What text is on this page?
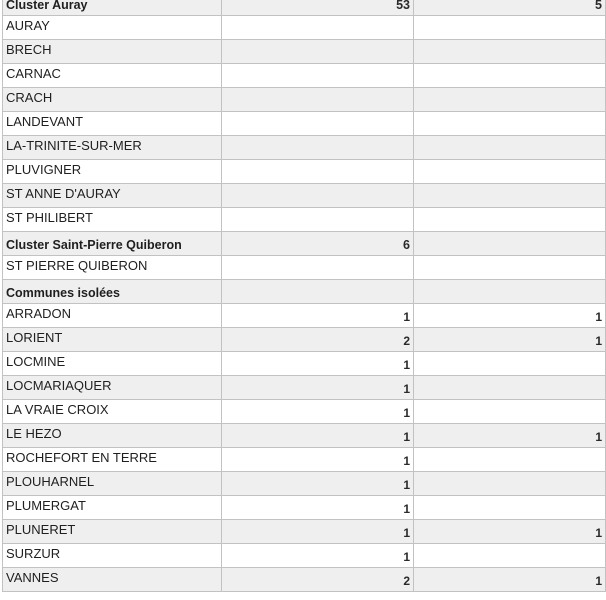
Cluster Auray	53	5
AURAY		
BRECH		
CARNAC		
CRACH		
LANDEVANT		
LA-TRINITE-SUR-MER		
PLUVIGNER		
ST ANNE D'AURAY		
ST PHILIBERT		
Cluster Saint-Pierre Quiberon	6	
ST PIERRE QUIBERON		
Communes isolées		
ARRADON	1	1
LORIENT	2	1
LOCMINE	1	
LOCMARIAQUER	1	
LA VRAIE CROIX	1	
LE HEZO	1	1
ROCHEFORT EN TERRE	1	
PLOUHARNEL	1	
PLUMERGAT	1	
PLUNERET	1	1
SURZUR	1	
VANNES	2	1
